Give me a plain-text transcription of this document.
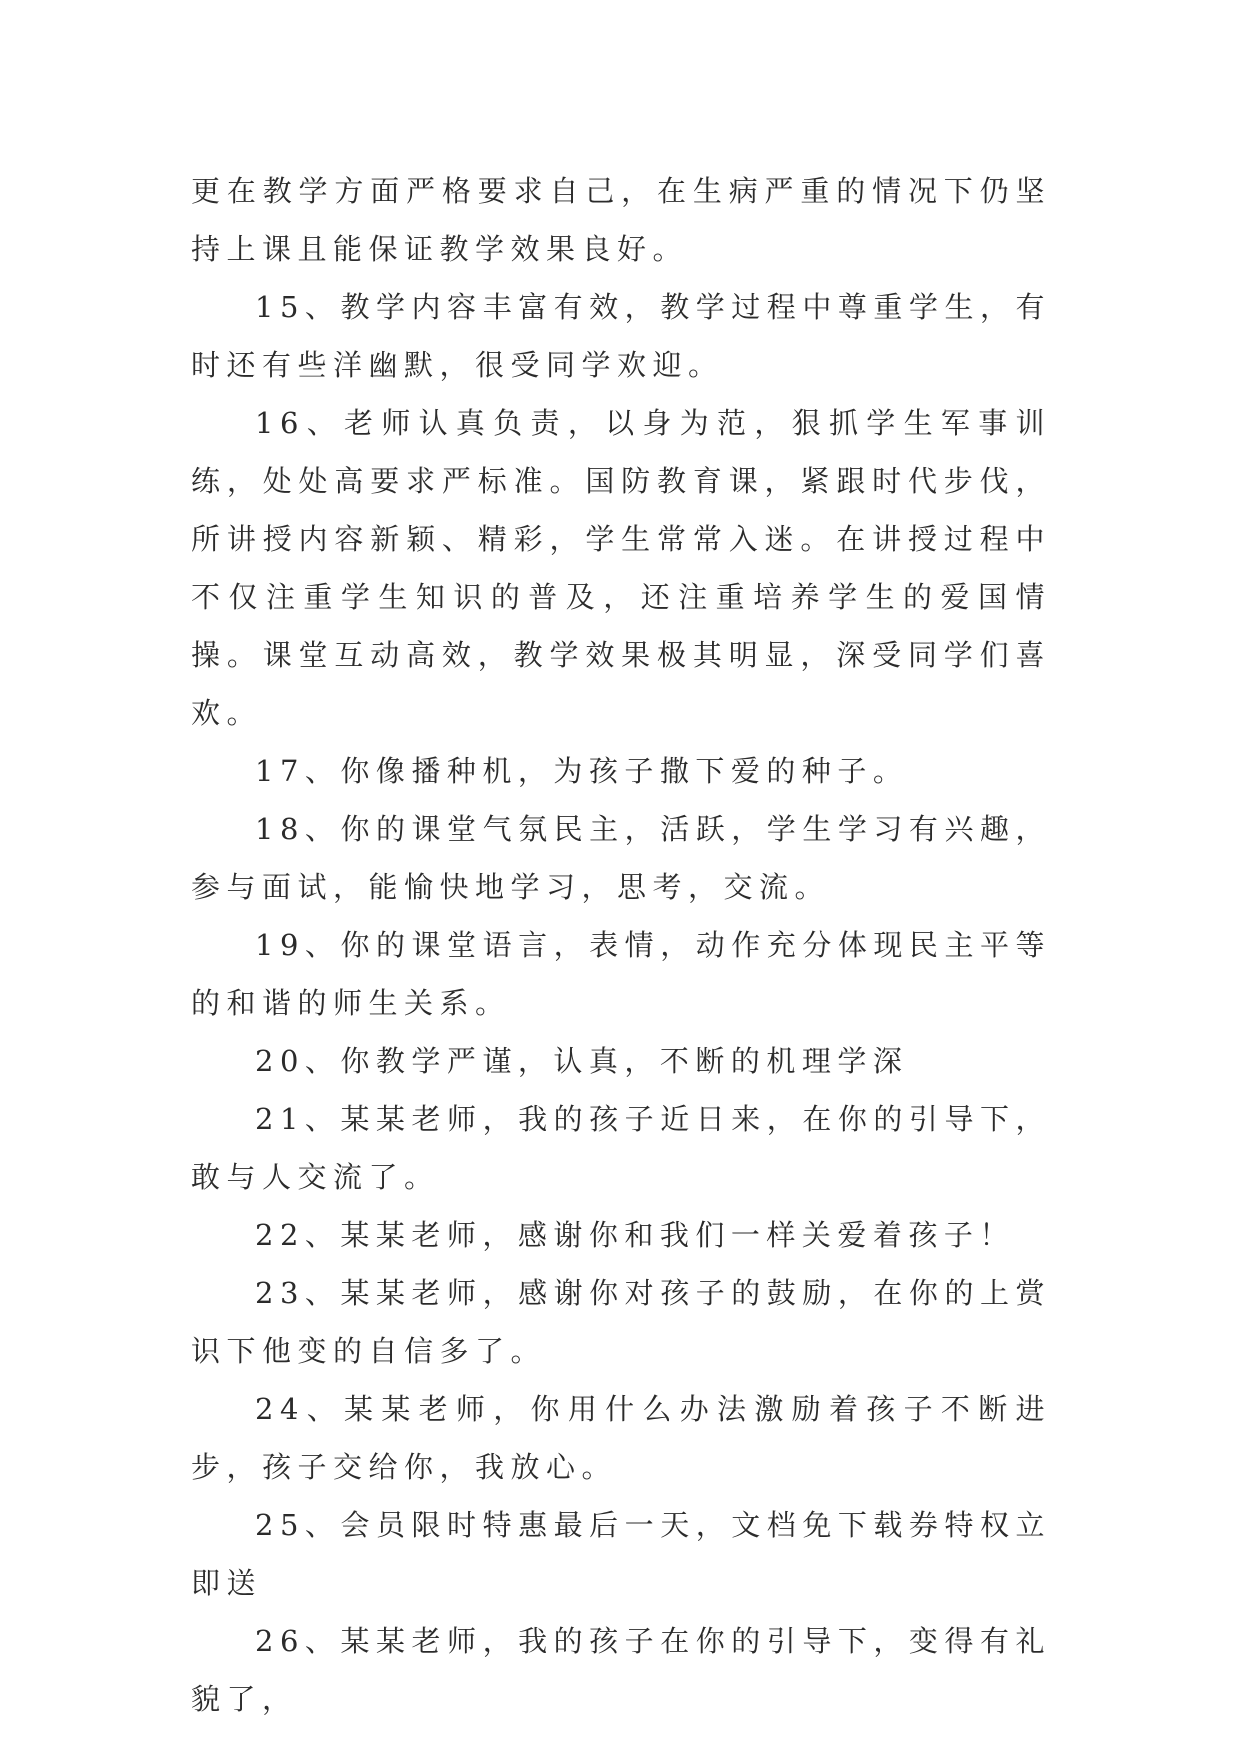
更在教学方面严格要求自己，在生病严重的情况下仍坚持上课且能保证教学效果良好。

15、教学内容丰富有效，教学过程中尊重学生，有时还有些洋幽默，很受同学欢迎。

16、老师认真负责，以身为范，狠抓学生军事训练，处处高要求严标准。国防教育课，紧跟时代步伐，所讲授内容新颖、精彩，学生常常入迷。在讲授过程中不仅注重学生知识的普及，还注重培养学生的爱国情操。课堂互动高效，教学效果极其明显，深受同学们喜欢。

17、你像播种机，为孩子撒下爱的种子。

18、你的课堂气氛民主，活跃，学生学习有兴趣，参与面试，能愉快地学习，思考，交流。

19、你的课堂语言，表情，动作充分体现民主平等的和谐的师生关系。

20、你教学严谨，认真，不断的机理学深

21、某某老师，我的孩子近日来，在你的引导下，敢与人交流了。

22、某某老师，感谢你和我们一样关爱着孩子！

23、某某老师，感谢你对孩子的鼓励，在你的上赏识下他变的自信多了。

24、某某老师，你用什么办法激励着孩子不断进步，孩子交给你，我放心。

25、会员限时特惠最后一天，文档免下载券特权立即送

26、某某老师，我的孩子在你的引导下，变得有礼貌了，
